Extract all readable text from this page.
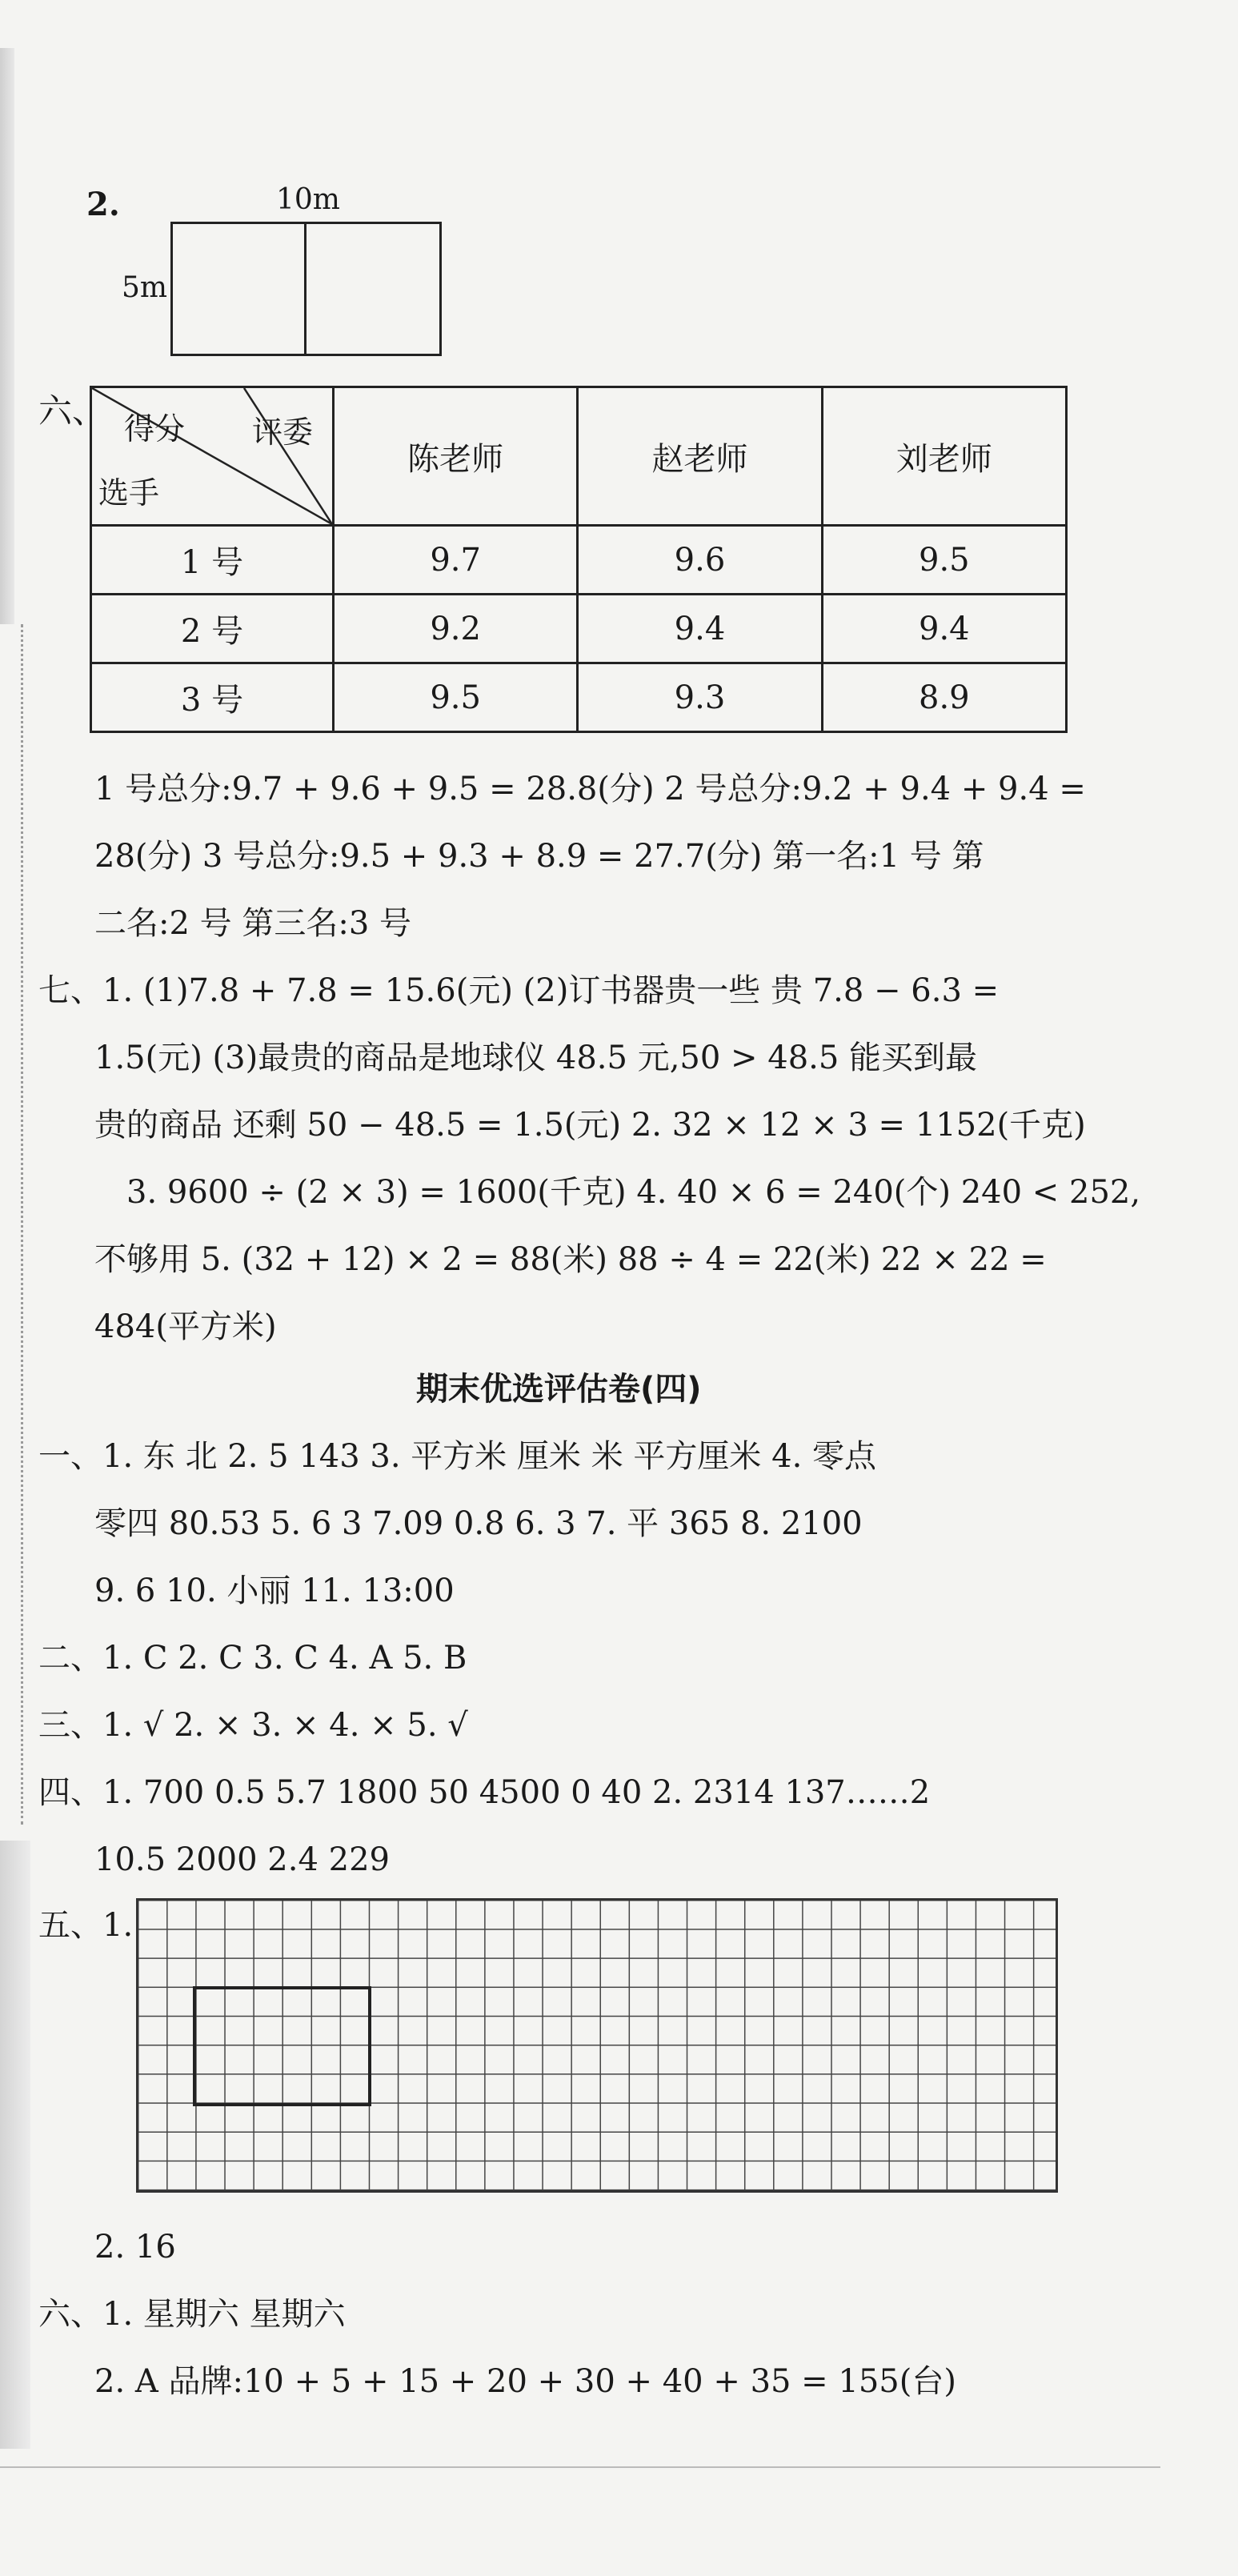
2.	10m
5m
六、
评委
得分
选手	陈老师	赵老师	刘老师
1 号	9.7	9.6	9.5
2 号	9.2	9.4	9.4
3 号	9.5	9.3	8.9
1 号总分:9.7 + 9.6 + 9.5 = 28.8(分) 2 号总分:9.2 + 9.4 + 9.4 =
28(分) 3 号总分:9.5 + 9.3 + 8.9 = 27.7(分) 第一名:1 号 第
二名:2 号 第三名:3 号
七、1. (1)7.8 + 7.8 = 15.6(元) (2)订书器贵一些 贵 7.8 − 6.3 =
1.5(元) (3)最贵的商品是地球仪 48.5 元,50 > 48.5 能买到最
贵的商品 还剩 50 − 48.5 = 1.5(元) 2. 32 × 12 × 3 = 1152(千克)
3. 9600 ÷ (2 × 3) = 1600(千克) 4. 40 × 6 = 240(个) 240 < 252,
不够用 5. (32 + 12) × 2 = 88(米) 88 ÷ 4 = 22(米) 22 × 22 =
484(平方米)
期末优选评估卷(四)
一、1. 东 北 2. 5 143 3. 平方米 厘米 米 平方厘米 4. 零点
零四 80.53 5. 6 3 7.09 0.8 6. 3 7. 平 365 8. 2100
9. 6 10. 小丽 11. 13:00
二、1. C 2. C 3. C 4. A 5. B
三、1. √ 2. × 3. × 4. × 5. √
四、1. 700 0.5 5.7 1800 50 4500 0 40 2. 2314 137……2
10.5 2000 2.4 229
五、1.
2. 16
六、1. 星期六 星期六
2. A 品牌:10 + 5 + 15 + 20 + 30 + 40 + 35 = 155(台)
